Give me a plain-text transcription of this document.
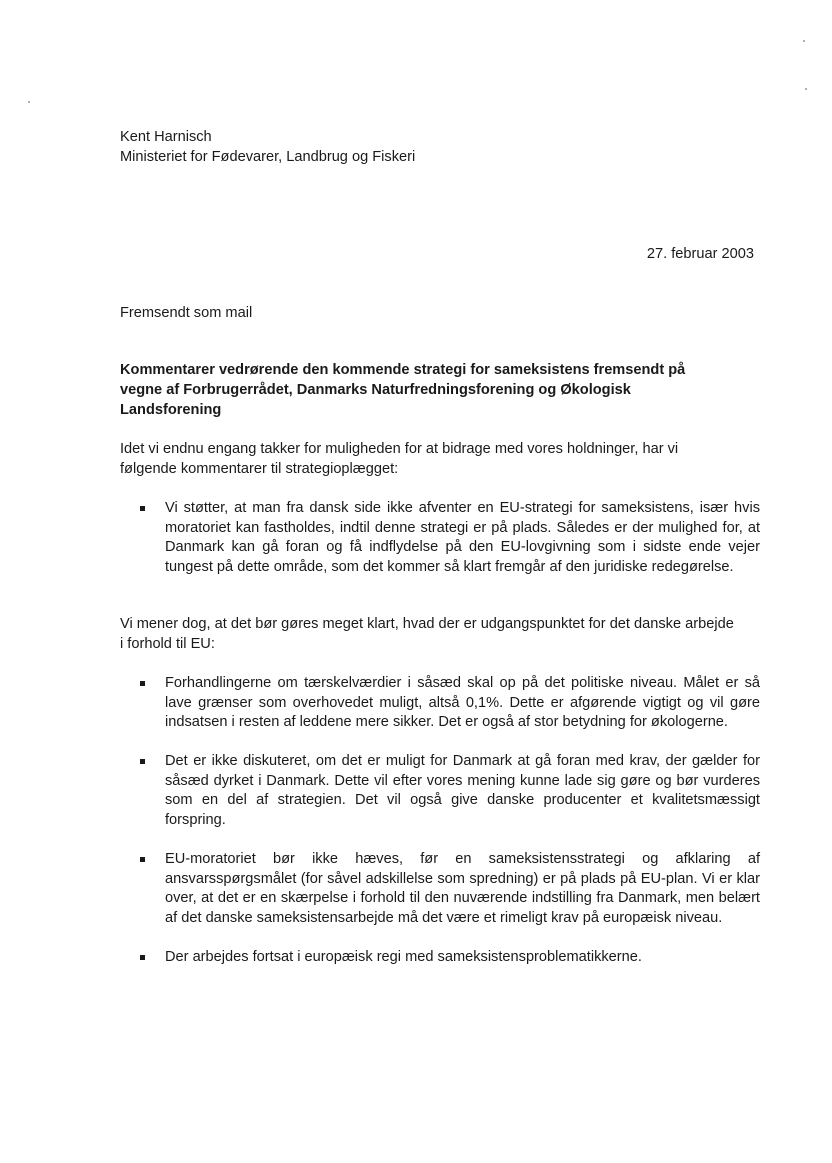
Kent Harnisch
Ministeriet for Fødevarer, Landbrug og Fiskeri
27. februar 2003
Fremsendt som mail
Kommentarer vedrørende den kommende strategi for sameksistens fremsendt på vegne af Forbrugerrådet, Danmarks Naturfredningsforening og Økologisk Landsforening
Idet vi endnu engang takker for muligheden for at bidrage med vores holdninger, har vi følgende kommentarer til strategioplægget:
Vi støtter, at man fra dansk side ikke afventer en EU-strategi for sameksistens, især hvis moratoriet kan fastholdes, indtil denne strategi er på plads. Således er der mulighed for, at Danmark kan gå foran og få indflydelse på den EU-lovgivning som i sidste ende vejer tungest på dette område, som det kommer så klart fremgår af den juridiske redegørelse.
Vi mener dog, at det bør gøres meget klart, hvad der er udgangspunktet for det danske arbejde i forhold til EU:
Forhandlingerne om tærskelværdier i såsæd skal op på det politiske niveau. Målet er så lave grænser som overhovedet muligt, altså 0,1%. Dette er afgørende vigtigt og vil gøre indsatsen i resten af leddene mere sikker. Det er også af stor betydning for økologerne.
Det er ikke diskuteret, om det er muligt for Danmark at gå foran med krav, der gælder for såsæd dyrket i Danmark. Dette vil efter vores mening kunne lade sig gøre og bør vurderes som en del af strategien. Det vil også give danske producenter et kvalitetsmæssigt forspring.
EU-moratoriet bør ikke hæves, før en sameksistensstrategi og afklaring af ansvarsspørgsmålet (for såvel adskillelse som spredning) er på plads på EU-plan. Vi er klar over, at det er en skærpelse i forhold til den nuværende indstilling fra Danmark, men belært af det danske sameksistensarbejde må det være et rimeligt krav på europæisk niveau.
Der arbejdes fortsat i europæisk regi med sameksistensproblematikkerne.
